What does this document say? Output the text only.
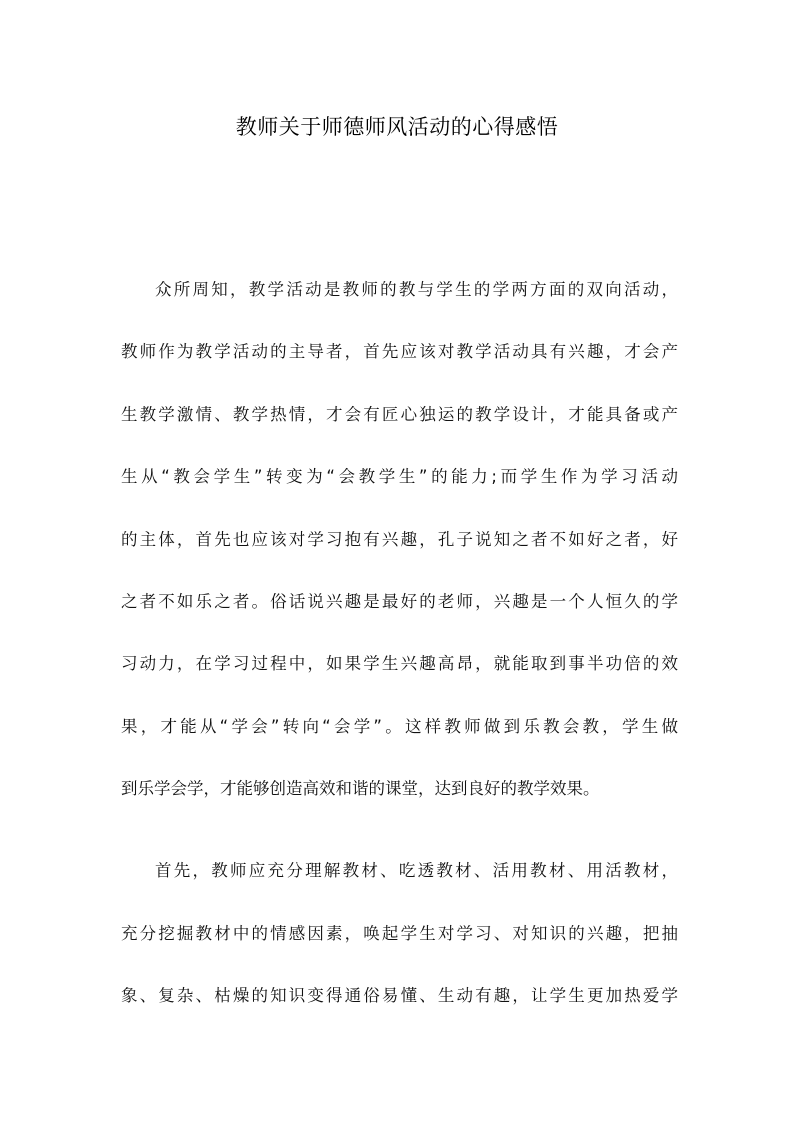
教师关于师德师风活动的心得感悟

众所周知，教学活动是教师的教与学生的学两方面的双向活动，

教师作为教学活动的主导者，首先应该对教学活动具有兴趣，才会产

生教学激情、教学热情，才会有匠心独运的教学设计，才能具备或产

生从“教会学生”转变为“会教学生”的能力;而学生作为学习活动

的主体，首先也应该对学习抱有兴趣，孔子说知之者不如好之者，好

之者不如乐之者。俗话说兴趣是最好的老师，兴趣是一个人恒久的学

习动力，在学习过程中，如果学生兴趣高昂，就能取到事半功倍的效

果，才能从“学会”转向“会学”。这样教师做到乐教会教，学生做

到乐学会学，才能够创造高效和谐的课堂，达到良好的教学效果。

首先，教师应充分理解教材、吃透教材、活用教材、用活教材，

充分挖掘教材中的情感因素，唤起学生对学习、对知识的兴趣，把抽

象、复杂、枯燥的知识变得通俗易懂、生动有趣，让学生更加热爱学
